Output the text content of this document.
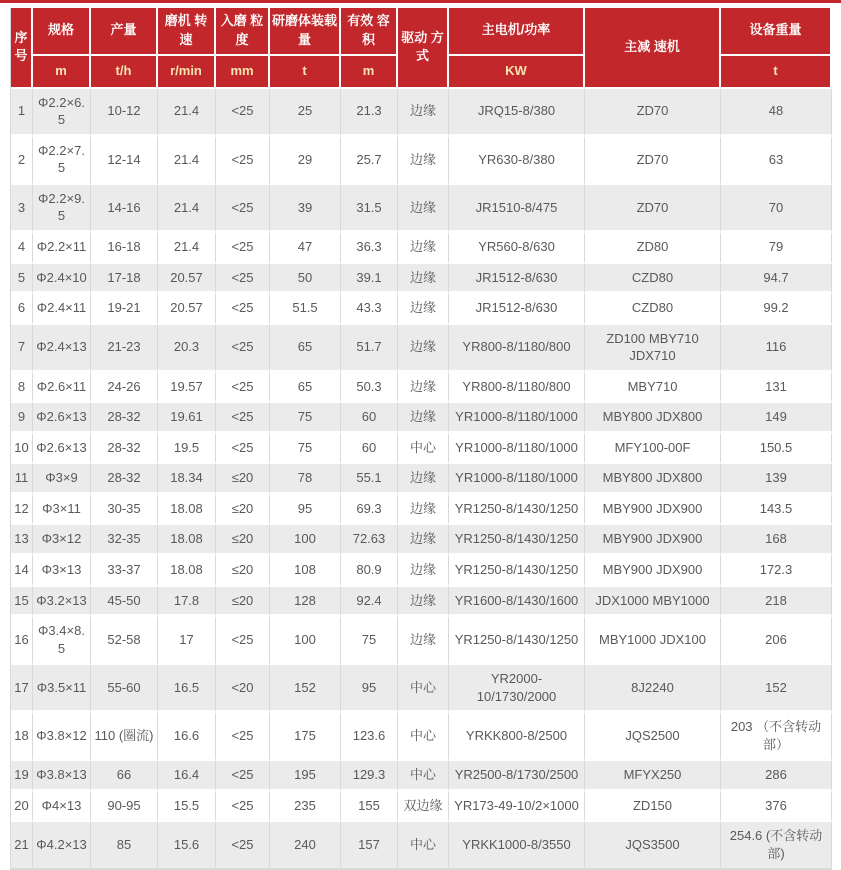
序号	规格	产量	磨机 转速	入磨 粒度	研磨体装载量	有效 容积	驱动 方式	主电机/功率	主减 速机	设备重量
	m	t/h	r/min	mm	t	m		KW		t
1	Φ2.2×6.5	10-12	21.4	<25	25	21.3	边缘	JRQ15-8/380	ZD70	48
2	Φ2.2×7.5	12-14	21.4	<25	29	25.7	边缘	YR630-8/380	ZD70	63
3	Φ2.2×9.5	14-16	21.4	<25	39	31.5	边缘	JR1510-8/475	ZD70	70
4	Φ2.2×11	16-18	21.4	<25	47	36.3	边缘	YR560-8/630	ZD80	79
5	Φ2.4×10	17-18	20.57	<25	50	39.1	边缘	JR1512-8/630	CZD80	94.7
6	Φ2.4×11	19-21	20.57	<25	51.5	43.3	边缘	JR1512-8/630	CZD80	99.2
7	Φ2.4×13	21-23	20.3	<25	65	51.7	边缘	YR800-8/1180/800	ZD100 MBY710 JDX710	116
8	Φ2.6×11	24-26	19.57	<25	65	50.3	边缘	YR800-8/1180/800	MBY710	131
9	Φ2.6×13	28-32	19.61	<25	75	60	边缘	YR1000-8/1180/1000	MBY800 JDX800	149
10	Φ2.6×13	28-32	19.5	<25	75	60	中心	YR1000-8/1180/1000	MFY100-00F	150.5
11	Φ3×9	28-32	18.34	≤20	78	55.1	边缘	YR1000-8/1180/1000	MBY800 JDX800	139
12	Φ3×11	30-35	18.08	≤20	95	69.3	边缘	YR1250-8/1430/1250	MBY900 JDX900	143.5
13	Φ3×12	32-35	18.08	≤20	100	72.63	边缘	YR1250-8/1430/1250	MBY900 JDX900	168
14	Φ3×13	33-37	18.08	≤20	108	80.9	边缘	YR1250-8/1430/1250	MBY900 JDX900	172.3
15	Φ3.2×13	45-50	17.8	≤20	128	92.4	边缘	YR1600-8/1430/1600	JDX1000 MBY1000	218
16	Φ3.4×8.5	52-58	17	<25	100	75	边缘	YR1250-8/1430/1250	MBY1000 JDX100	206
17	Φ3.5×11	55-60	16.5	<20	152	95	中心	YR2000- 10/1730/2000	8J2240	152
18	Φ3.8×12	110 (圈流)	16.6	<25	175	123.6	中心	YRKK800-8/2500	JQS2500	203 （不含转动部）
19	Φ3.8×13	66	16.4	<25	195	129.3	中心	YR2500-8/1730/2500	MFYX250	286
20	Φ4×13	90-95	15.5	<25	235	155	双边缘	YR173-49-10/2×1000	ZD150	376
21	Φ4.2×13	85	15.6	<25	240	157	中心	YRKK1000-8/3550	JQS3500	254.6 (不含转动部)
